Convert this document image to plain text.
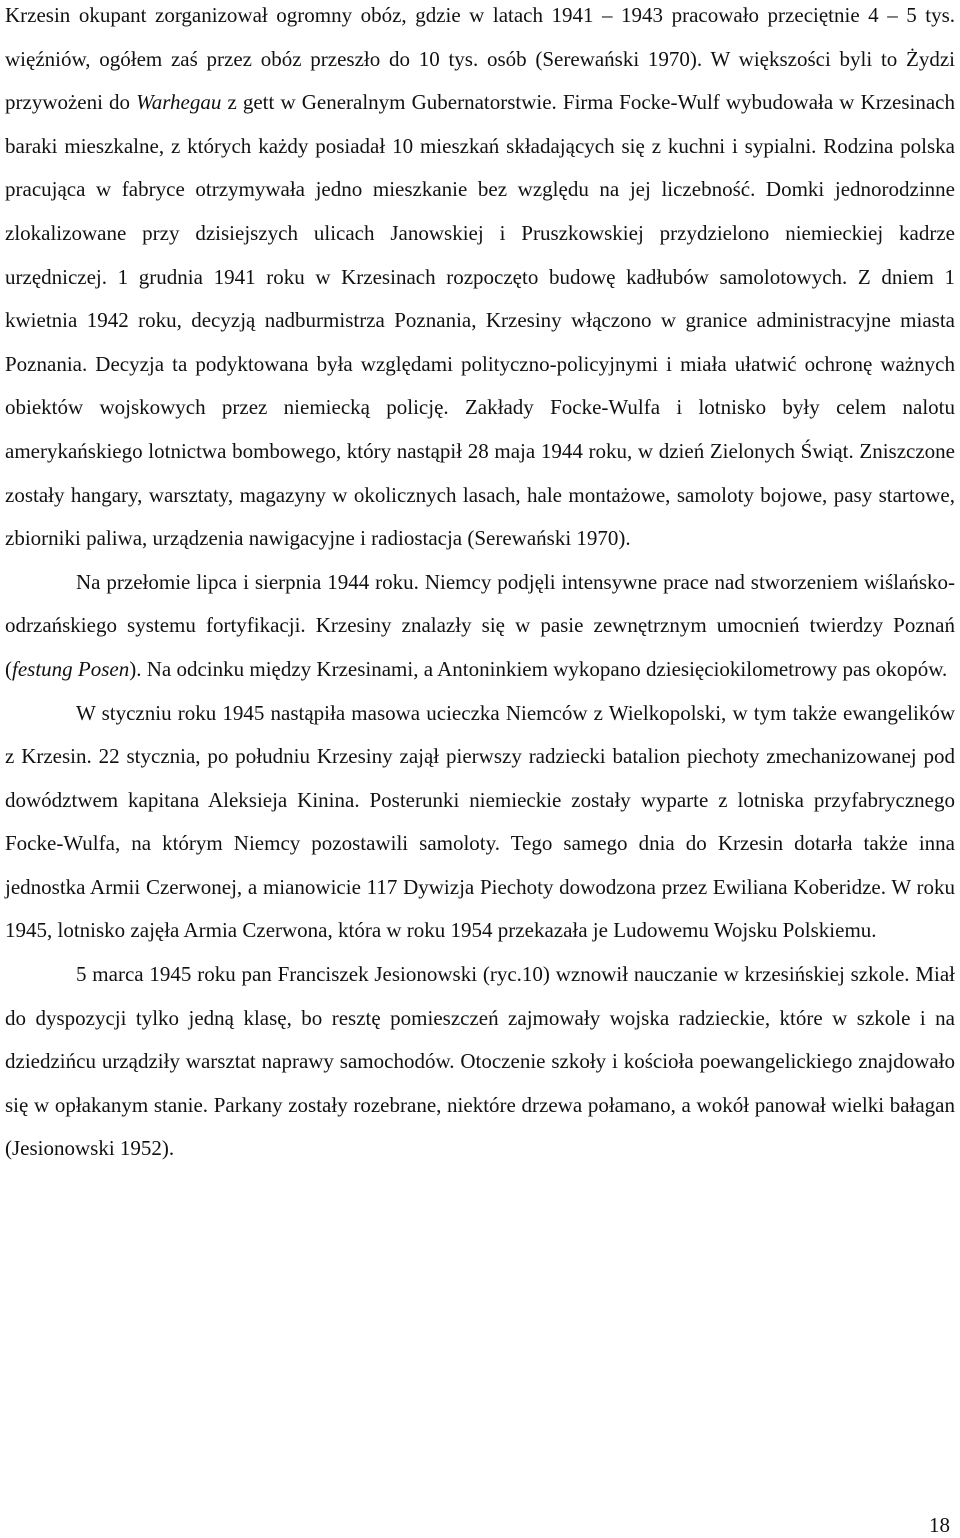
Krzesin okupant zorganizował ogromny obóz, gdzie w latach 1941 – 1943 pracowało przeciętnie 4 – 5 tys. więźniów, ogółem zaś przez obóz przeszło do 10 tys. osób (Serewański 1970). W większości byli to Żydzi przywożeni do Warhegau z gett w Generalnym Gubernatorstwie. Firma Focke-Wulf wybudowała w Krzesinach baraki mieszkalne, z których każdy posiadał 10 mieszkań składających się z kuchni i sypialni. Rodzina polska pracująca w fabryce otrzymywała jedno mieszkanie bez względu na jej liczebność. Domki jednorodzinne zlokalizowane przy dzisiejszych ulicach Janowskiej i Pruszkowskiej przydzielono niemieckiej kadrze urzędniczej. 1 grudnia 1941 roku w Krzesinach rozpoczęto budowę kadłubów samolotowych. Z dniem 1 kwietnia 1942 roku, decyzją nadburmistrza Poznania, Krzesiny włączono w granice administracyjne miasta Poznania. Decyzja ta podyktowana była względami polityczno-policyjnymi i miała ułatwić ochronę ważnych obiektów wojskowych przez niemiecką policję. Zakłady Focke-Wulfa i lotnisko były celem nalotu amerykańskiego lotnictwa bombowego, który nastąpił 28 maja 1944 roku, w dzień Zielonych Świąt. Zniszczone zostały hangary, warsztaty, magazyny w okolicznych lasach, hale montażowe, samoloty bojowe, pasy startowe, zbiorniki paliwa, urządzenia nawigacyjne i radiostacja (Serewański 1970).

Na przełomie lipca i sierpnia 1944 roku. Niemcy podjęli intensywne prace nad stworzeniem wiślańsko-odrzańskiego systemu fortyfikacji. Krzesiny znalazły się w pasie zewnętrznym umocnień twierdzy Poznań (festung Posen). Na odcinku między Krzesinami, a Antoninkiem wykopano dziesięciokilometrowy pas okopów.

W styczniu roku 1945 nastąpiła masowa ucieczka Niemców z Wielkopolski, w tym także ewangelików z Krzesin. 22 stycznia, po południu Krzesiny zajął pierwszy radziecki batalion piechoty zmechanizowanej pod dowództwem kapitana Aleksieja Kinina. Posterunki niemieckie zostały wyparte z lotniska przyfabrycznego Focke-Wulfa, na którym Niemcy pozostawili samoloty. Tego samego dnia do Krzesin dotarła także inna jednostka Armii Czerwonej, a mianowicie 117 Dywizja Piechoty dowodzona przez Ewiliana Koberidze. W roku 1945, lotnisko zajęła Armia Czerwona, która w roku 1954 przekazała je Ludowemu Wojsku Polskiemu.

5 marca 1945 roku pan Franciszek Jesionowski (ryc.10) wznowił nauczanie w krzesińskiej szkole. Miał do dyspozycji tylko jedną klasę, bo resztę pomieszczeń zajmowały wojska radzieckie, które w szkole i na dziedzińcu urządziły warsztat naprawy samochodów. Otoczenie szkoły i kościoła poewangelickiego znajdowało się w opłakanym stanie. Parkany zostały rozebrane, niektóre drzewa połamano, a wokół panował wielki bałagan (Jesionowski 1952).

18
